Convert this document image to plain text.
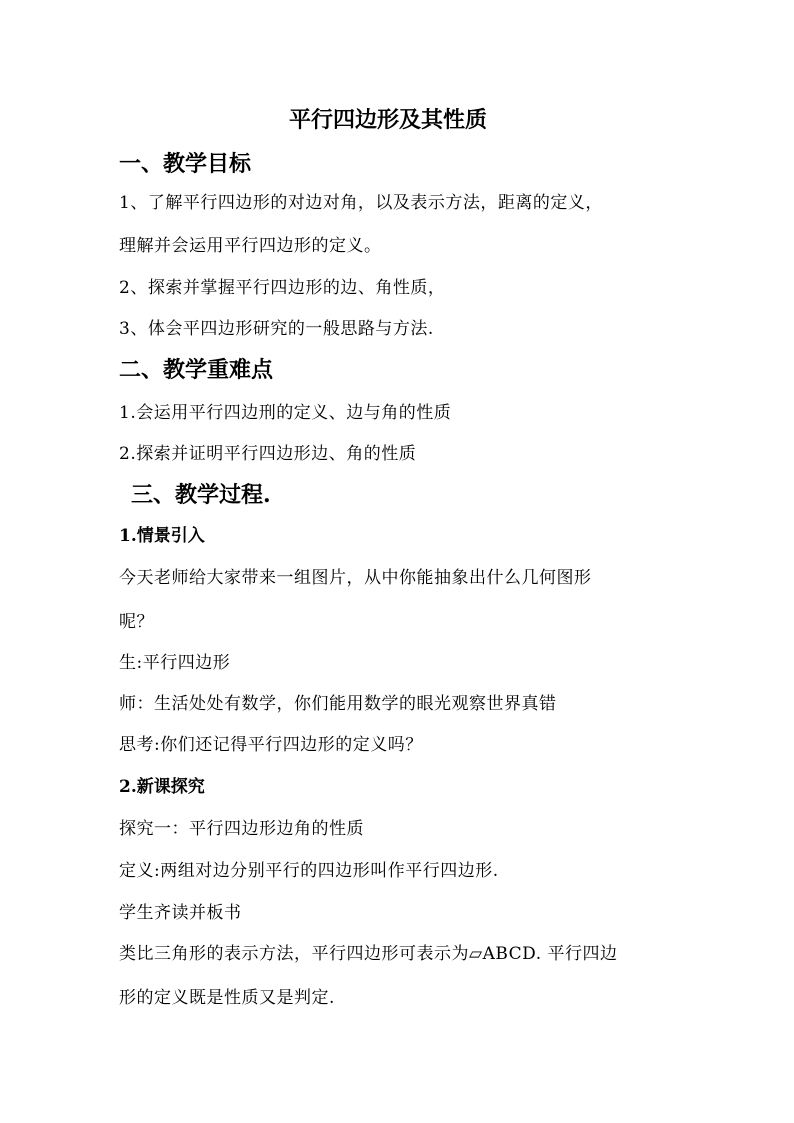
平行四边形及其性质
一、教学目标
1、了解平行四边形的对边对角，以及表示方法，距离的定义，
理解并会运用平行四边形的定义。
2、探索并掌握平行四边形的边、角性质，
3、体会平四边形研究的一般思路与方法.
二、教学重难点
1.会运用平行四边刑的定义、边与角的性质
2.探索并证明平行四边形边、角的性质
三、教学过程.
1.情景引入
今天老师给大家带来一组图片，从中你能抽象出什么几何图形
呢？
生:平行四边形
师：生活处处有数学，你们能用数学的眼光观察世界真错
思考:你们还记得平行四边形的定义吗？
2.新课探究
探究一：平行四边形边角的性质
定义:两组对边分别平行的四边形叫作平行四边形.
学生齐读并板书
类比三角形的表示方法，平行四边形可表示为▱ABCD. 平行四边
形的定义既是性质又是判定.
